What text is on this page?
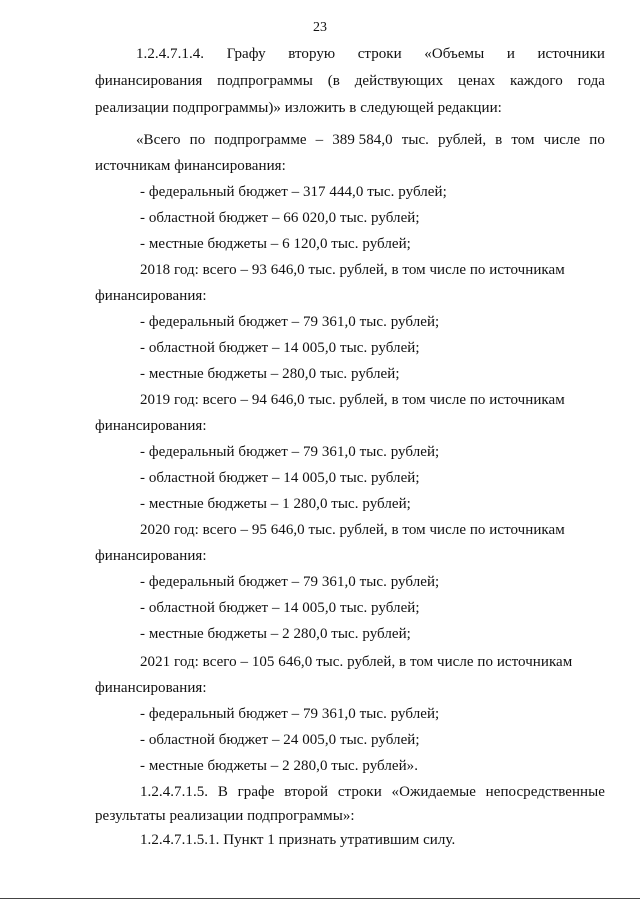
23
1.2.4.7.1.4. Графу вторую строки «Объемы и источники
финансирования подпрограммы (в действующих ценах каждого года
реализации подпрограммы)» изложить в следующей редакции:
«Всего по подпрограмме – 389 584,0 тыс. рублей, в том числе по
источникам финансирования:
- федеральный бюджет – 317 444,0 тыс. рублей;
- областной бюджет – 66 020,0 тыс. рублей;
- местные бюджеты – 6 120,0 тыс. рублей;
2018 год: всего – 93 646,0 тыс. рублей, в том числе по источникам
финансирования:
- федеральный бюджет – 79 361,0 тыс. рублей;
- областной бюджет – 14 005,0 тыс. рублей;
- местные бюджеты – 280,0 тыс. рублей;
2019 год: всего – 94 646,0 тыс. рублей, в том числе по источникам
финансирования:
- федеральный бюджет – 79 361,0 тыс. рублей;
- областной бюджет – 14 005,0 тыс. рублей;
- местные бюджеты – 1 280,0 тыс. рублей;
2020 год: всего – 95 646,0 тыс. рублей, в том числе по источникам
финансирования:
- федеральный бюджет – 79 361,0 тыс. рублей;
- областной бюджет – 14 005,0 тыс. рублей;
- местные бюджеты – 2 280,0 тыс. рублей;
2021 год: всего – 105 646,0 тыс. рублей, в том числе по источникам
финансирования:
- федеральный бюджет – 79 361,0 тыс. рублей;
- областной бюджет – 24 005,0 тыс. рублей;
- местные бюджеты – 2 280,0 тыс. рублей».
1.2.4.7.1.5. В графе второй строки «Ожидаемые непосредственные
результаты реализации подпрограммы»:
1.2.4.7.1.5.1. Пункт 1 признать утратившим силу.
